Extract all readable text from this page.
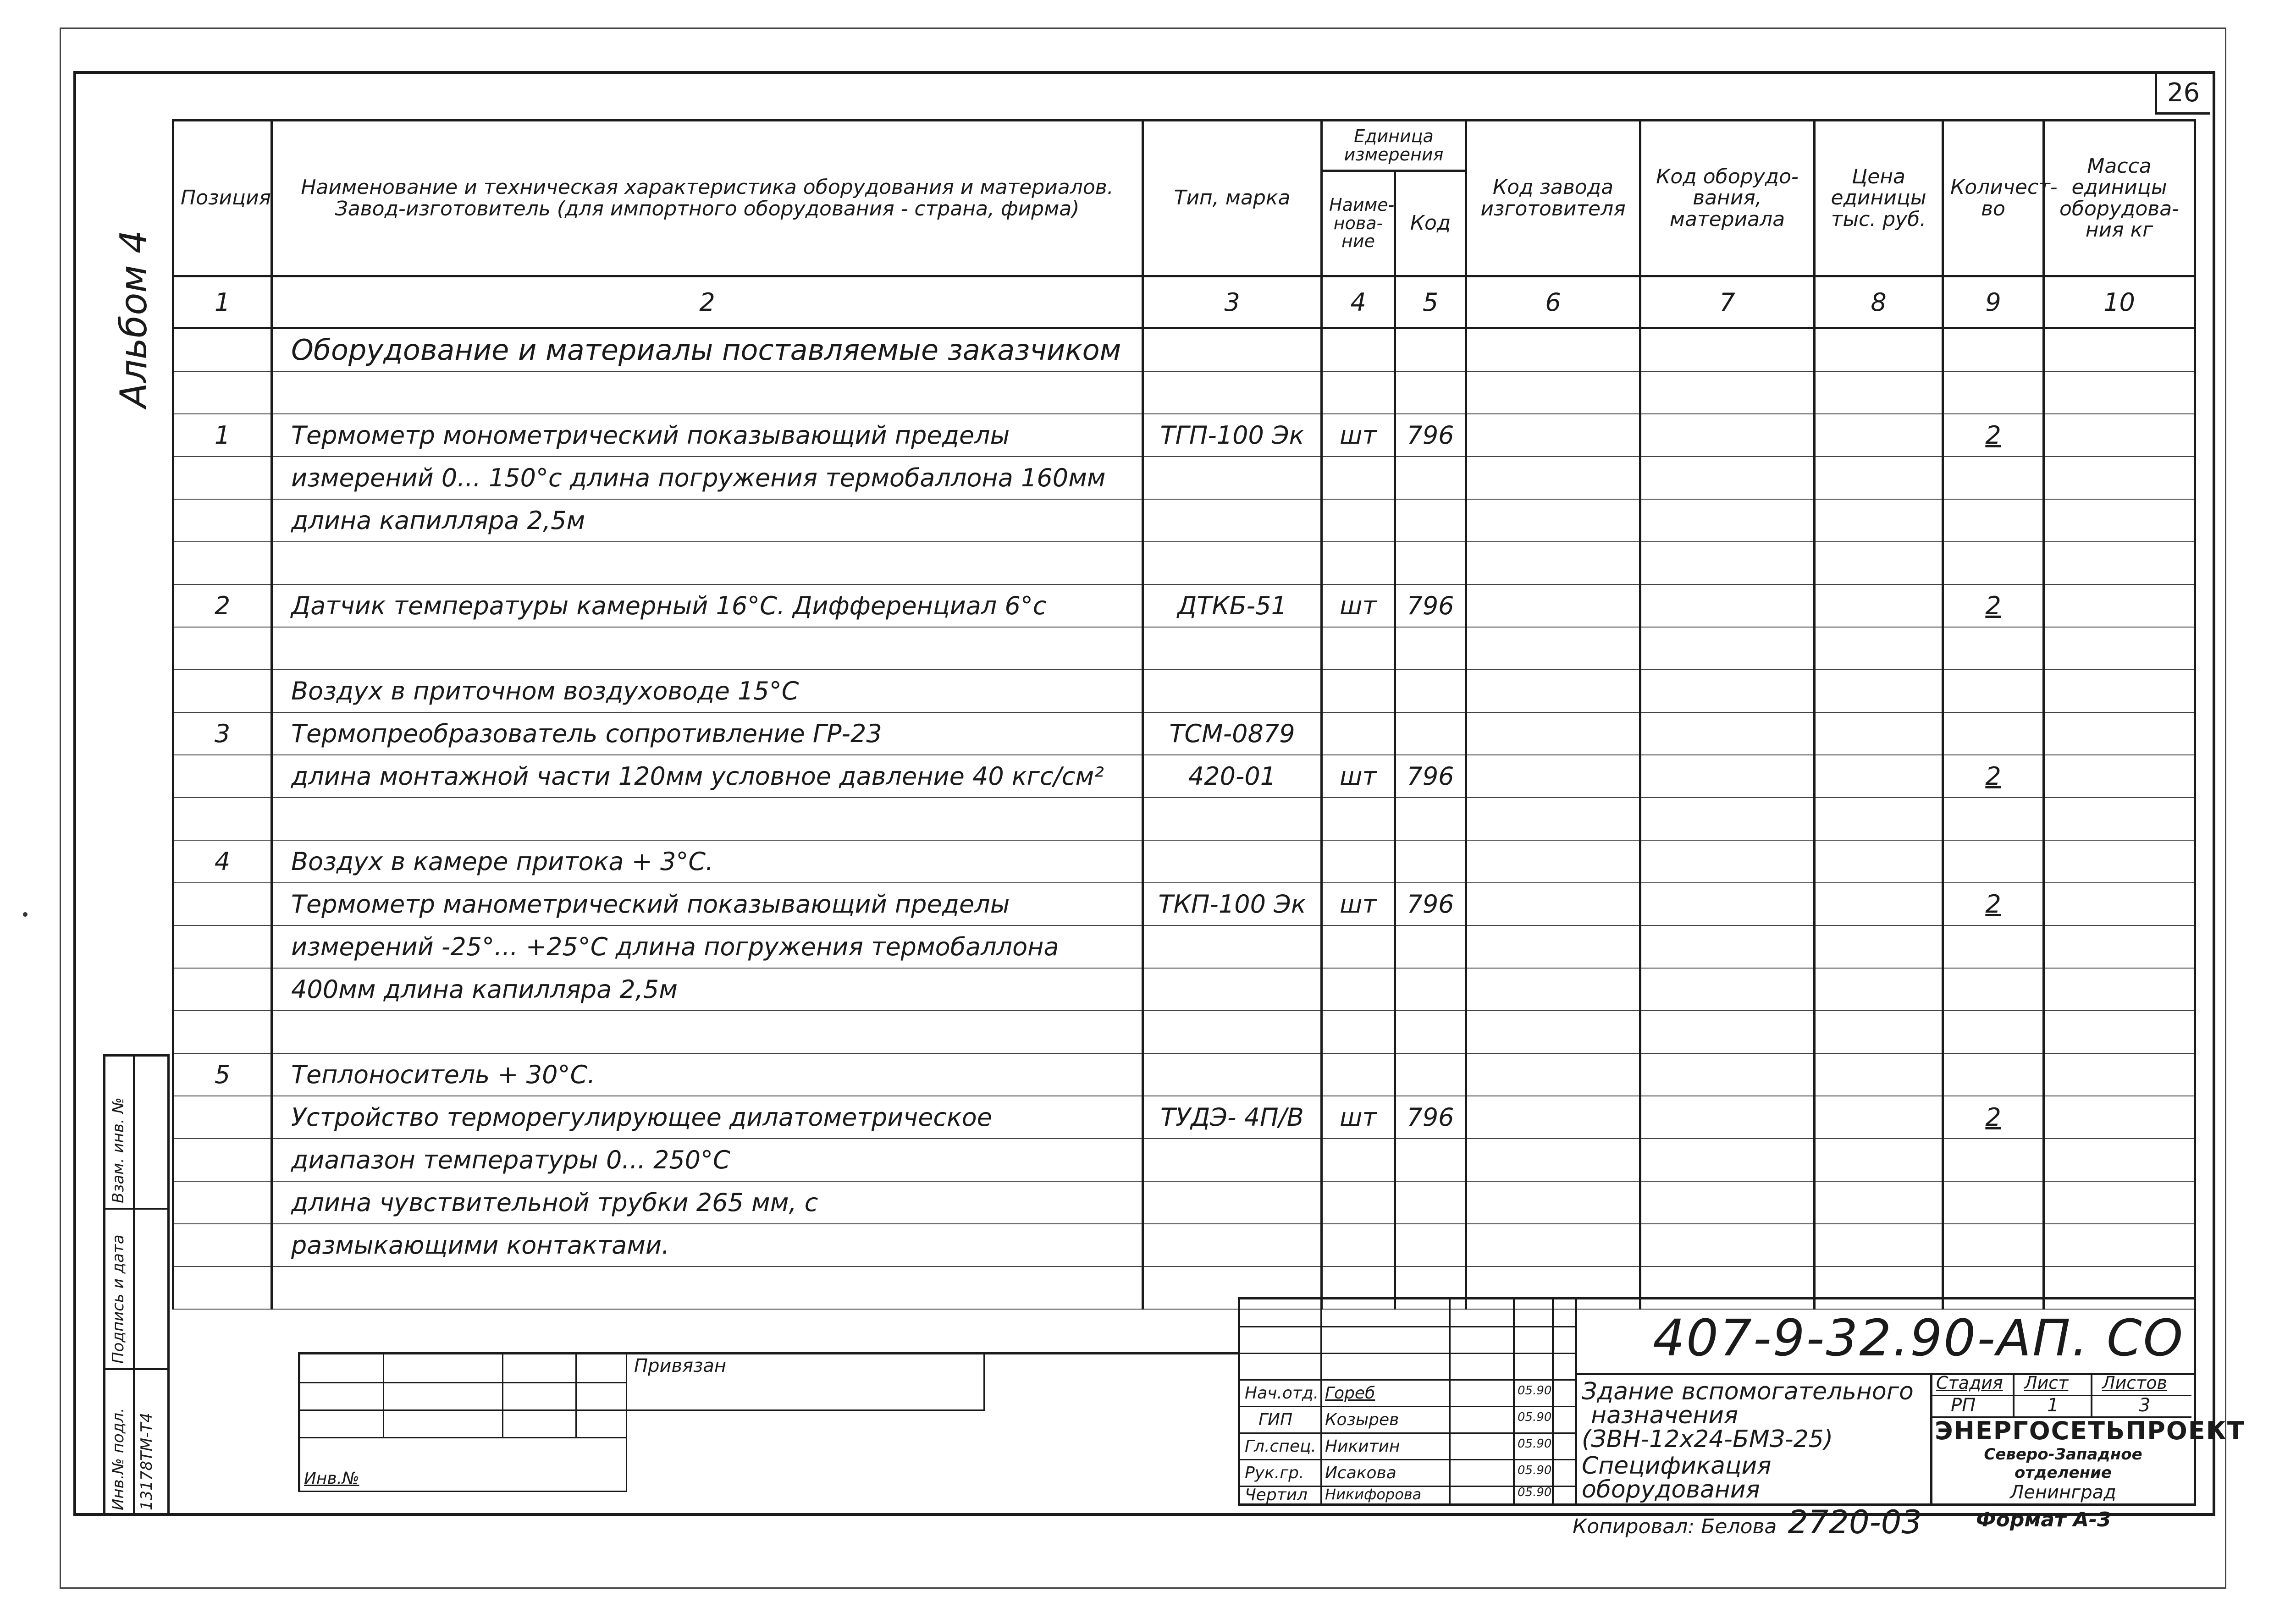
26
Альбом 4
Позиция	Наименование и техническая характеристика оборудования и материалов. Завод-изготовитель (для импортного оборудования - страна, фирма)	Тип, марка	Единица измерения		Код завода изготовителя	Код оборудо-вания, материала	Цена единицы тыс. руб.	Количест-во	Масса единицы оборудова-ния кг
			Наиме-нова-ние	Код					
1	2	3	4	5	6	7	8	9	10
	Оборудование и материалы поставляемые заказчиком								

1	Термометр монометрический показывающий пределы	ТГП-100 Эк	шт	796				2	
	измерений 0... 150°с длина погружения термобаллона 160мм								
	длина капилляра 2,5м								

2	Датчик температуры камерный 16°С. Дифференциал 6°с	ДТКБ-51	шт	796				2	

	Воздух в приточном воздуховоде 15°С								
3	Термопреобразователь сопротивление ГР-23	ТСМ-0879							
	длина монтажной части 120мм условное давление 40 кгс/см²	420-01	шт	796				2	

4	Воздух в камере притока + 3°С.								
	Термометр манометрический показывающий пределы	ТКП-100 Эк	шт	796				2	
	измерений -25°... +25°С длина погружения термобаллона								
	400мм длина капилляра 2,5м								

5	Теплоноситель + 30°С.								
	Устройство терморегулирующее дилатометрическое	ТУДЭ- 4П/В	шт	796				2	
	диапазон температуры 0... 250°С								
	длина чувствительной трубки 265 мм, с								
	размыкающими контактами.								

Взам. инв. №
Подпись и дата
Инв.№ подл. 13178ТМ-Т4
Привязан
Инв.№
Нач.отд. Гореб	05.90
ГИП Козырев	05.90
Гл.спец. Никитин	05.90
Рук.гр. Исакова	05.90
Чертил Никифорова	05.90
407-9-32.90-АП. СО
Здание вспомогательного
назначения
(ЗВН-12х24-БМЗ-25)
Спецификация оборудования
Стадия Лист Листов
РП	1	3
ЭНЕРГОСЕТЬПРОЕКТ
Северо-Западное отделение
Ленинград
Копировал: Белова 2720-03	Формат А-3
